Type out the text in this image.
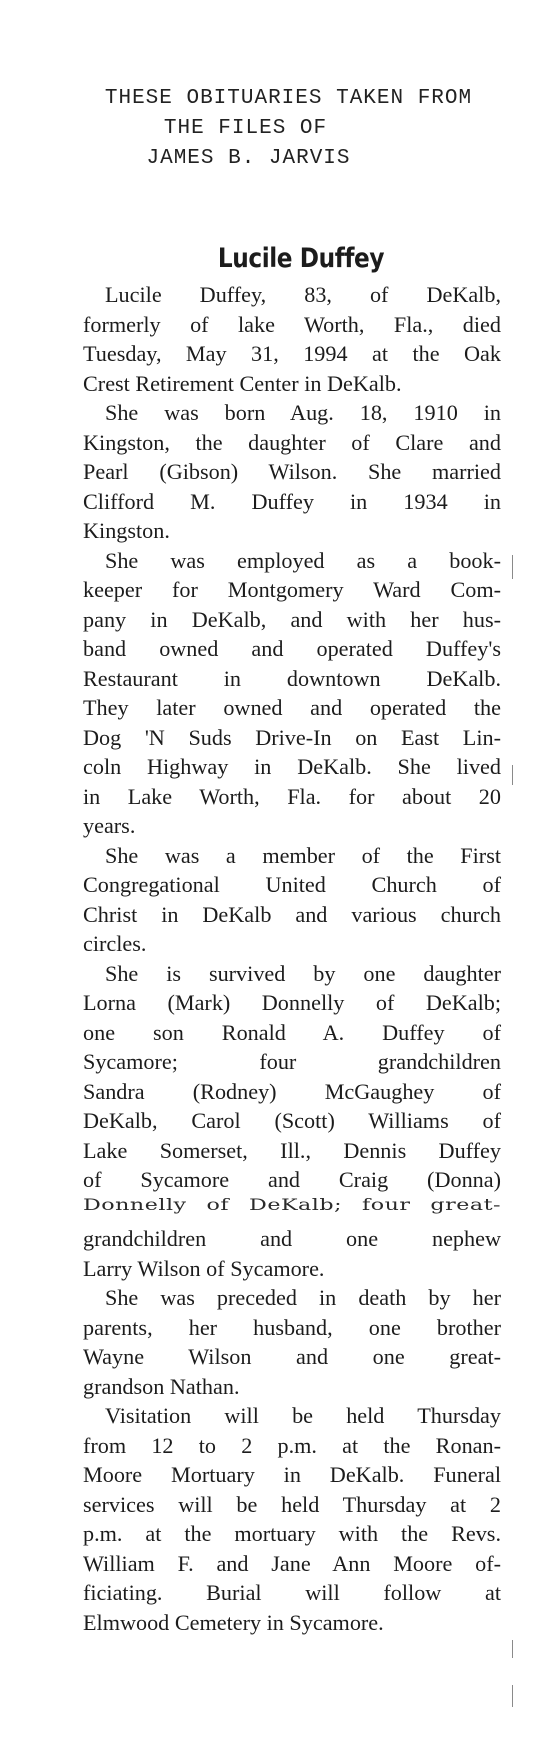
THESE OBITUARIES TAKEN FROM
THE FILES OF
JAMES B. JARVIS
Lucile Duffey
Lucile Duffey, 83, of DeKalb,
formerly of lake Worth, Fla., died
Tuesday, May 31, 1994 at the Oak
Crest Retirement Center in DeKalb.
She was born Aug. 18, 1910 in
Kingston, the daughter of Clare and
Pearl (Gibson) Wilson. She married
Clifford M. Duffey in 1934 in
Kingston.
She was employed as a book-
keeper for Montgomery Ward Com-
pany in DeKalb, and with her hus-
band owned and operated Duffey's
Restaurant in downtown DeKalb.
They later owned and operated the
Dog 'N Suds Drive-In on East Lin-
coln Highway in DeKalb. She lived
in Lake Worth, Fla. for about 20
years.
She was a member of the First
Congregational United Church of
Christ in DeKalb and various church
circles.
She is survived by one daughter
Lorna (Mark) Donnelly of DeKalb;
one son Ronald A. Duffey of
Sycamore; four grandchildren
Sandra (Rodney) McGaughey of
DeKalb, Carol (Scott) Williams of
Lake Somerset, Ill., Dennis Duffey
of Sycamore and Craig (Donna)
Donnelly of DeKalb; four great-
grandchildren and one nephew
Larry Wilson of Sycamore.
She was preceded in death by her
parents, her husband, one brother
Wayne Wilson and one great-
grandson Nathan.
Visitation will be held Thursday
from 12 to 2 p.m. at the Ronan-
Moore Mortuary in DeKalb. Funeral
services will be held Thursday at 2
p.m. at the mortuary with the Revs.
William F. and Jane Ann Moore of-
ficiating. Burial will follow at
Elmwood Cemetery in Sycamore.
